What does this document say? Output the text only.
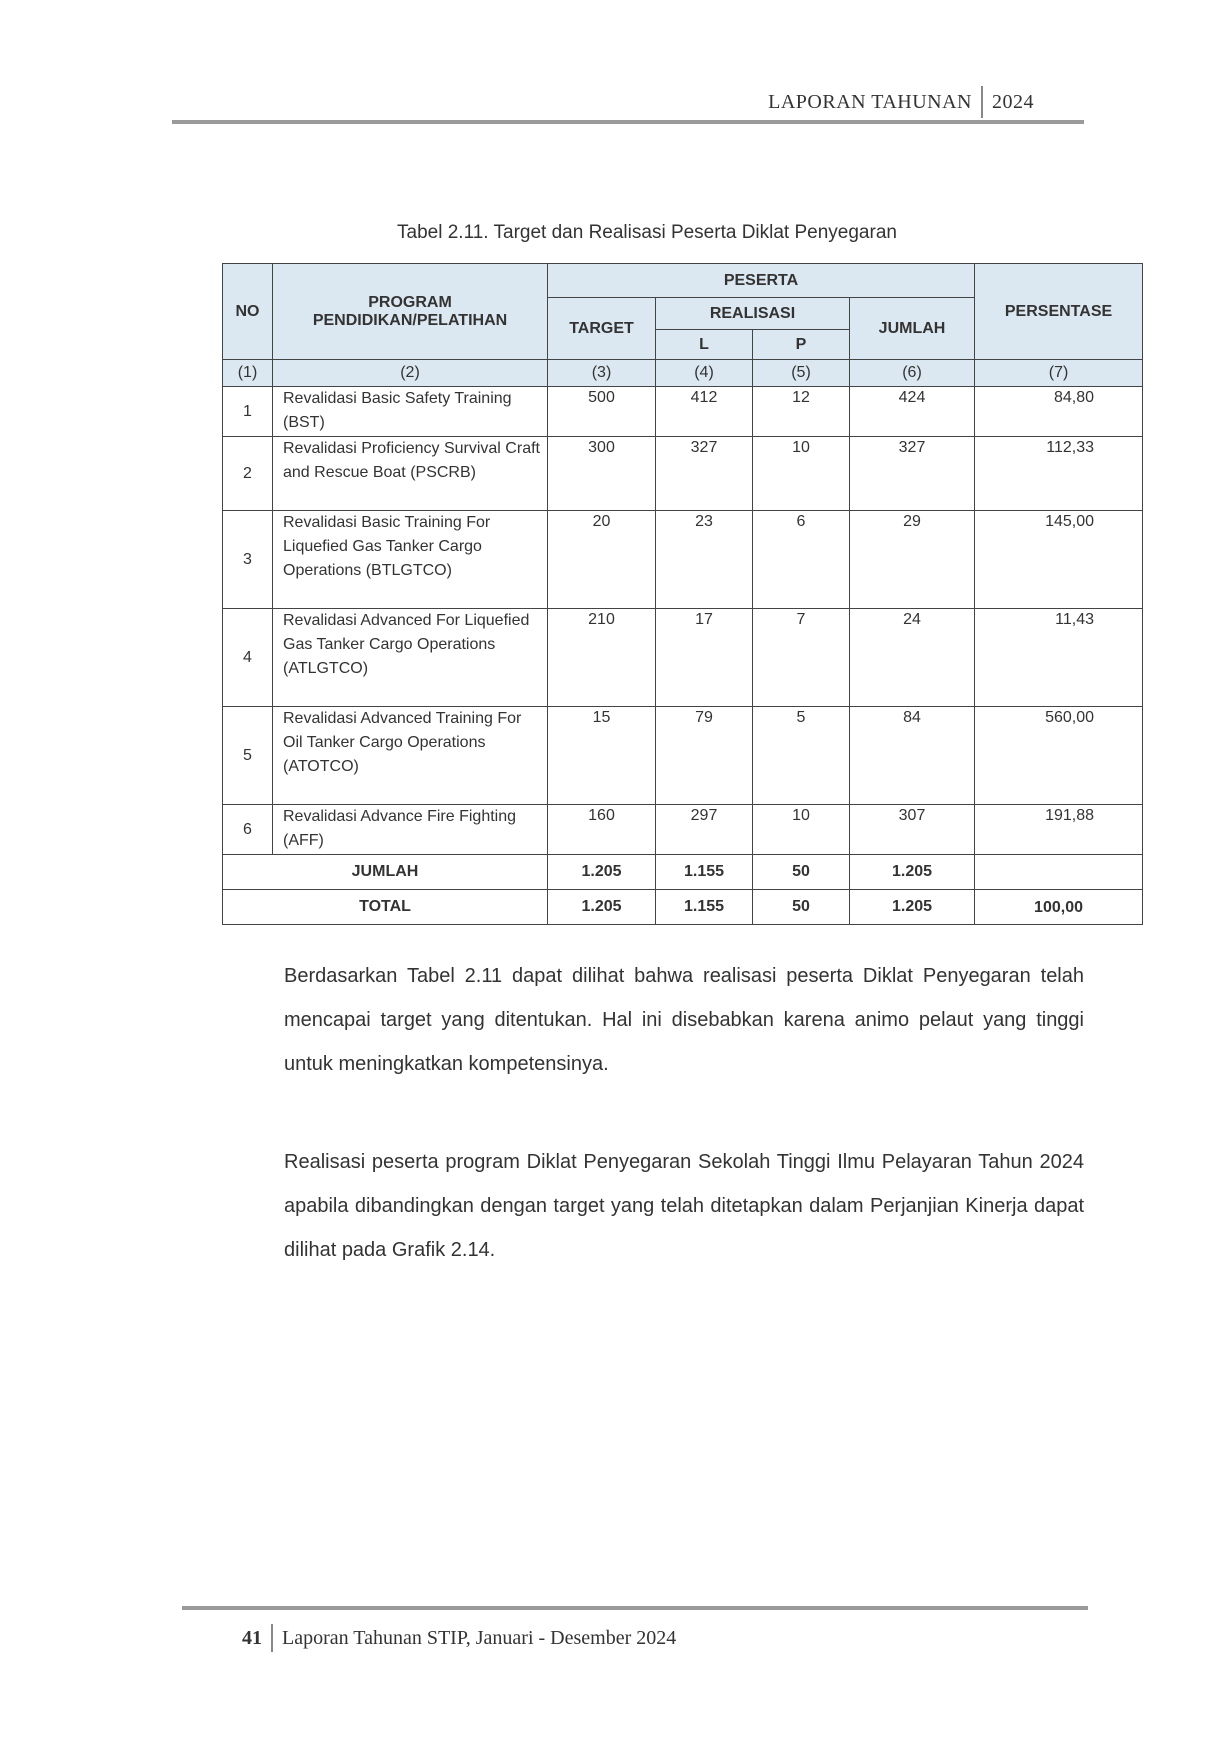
LAPORAN TAHUNAN 2024
Tabel 2.11. Target dan Realisasi Peserta Diklat Penyegaran
NO	PROGRAM PENDIDIKAN/PELATIHAN	PESERTA				PERSENTASE
		TARGET	REALISASI		JUMLAH	
			L	P		
(1)	(2)	(3)	(4)	(5)	(6)	(7)
1	Revalidasi Basic Safety Training (BST)	500	412	12	424	84,80
2	Revalidasi Proficiency Survival Craft and Rescue Boat (PSCRB)	300	327	10	327	112,33
3	Revalidasi Basic Training For Liquefied Gas Tanker Cargo Operations (BTLGTCO)	20	23	6	29	145,00
4	Revalidasi Advanced For Liquefied Gas Tanker Cargo Operations (ATLGTCO)	210	17	7	24	11,43
5	Revalidasi Advanced Training For Oil Tanker Cargo Operations (ATOTCO)	15	79	5	84	560,00
6	Revalidasi Advance Fire Fighting (AFF)	160	297	10	307	191,88
JUMLAH		1.205	1.155	50	1.205	
TOTAL		1.205	1.155	50	1.205	100,00

Berdasarkan Tabel 2.11 dapat dilihat bahwa realisasi peserta Diklat Penyegaran telah mencapai target yang ditentukan. Hal ini disebabkan karena animo pelaut yang tinggi untuk meningkatkan kompetensinya.

Realisasi peserta program Diklat Penyegaran Sekolah Tinggi Ilmu Pelayaran Tahun 2024 apabila dibandingkan dengan target yang telah ditetapkan dalam Perjanjian Kinerja dapat dilihat pada Grafik 2.14.

41 Laporan Tahunan STIP, Januari - Desember 2024
